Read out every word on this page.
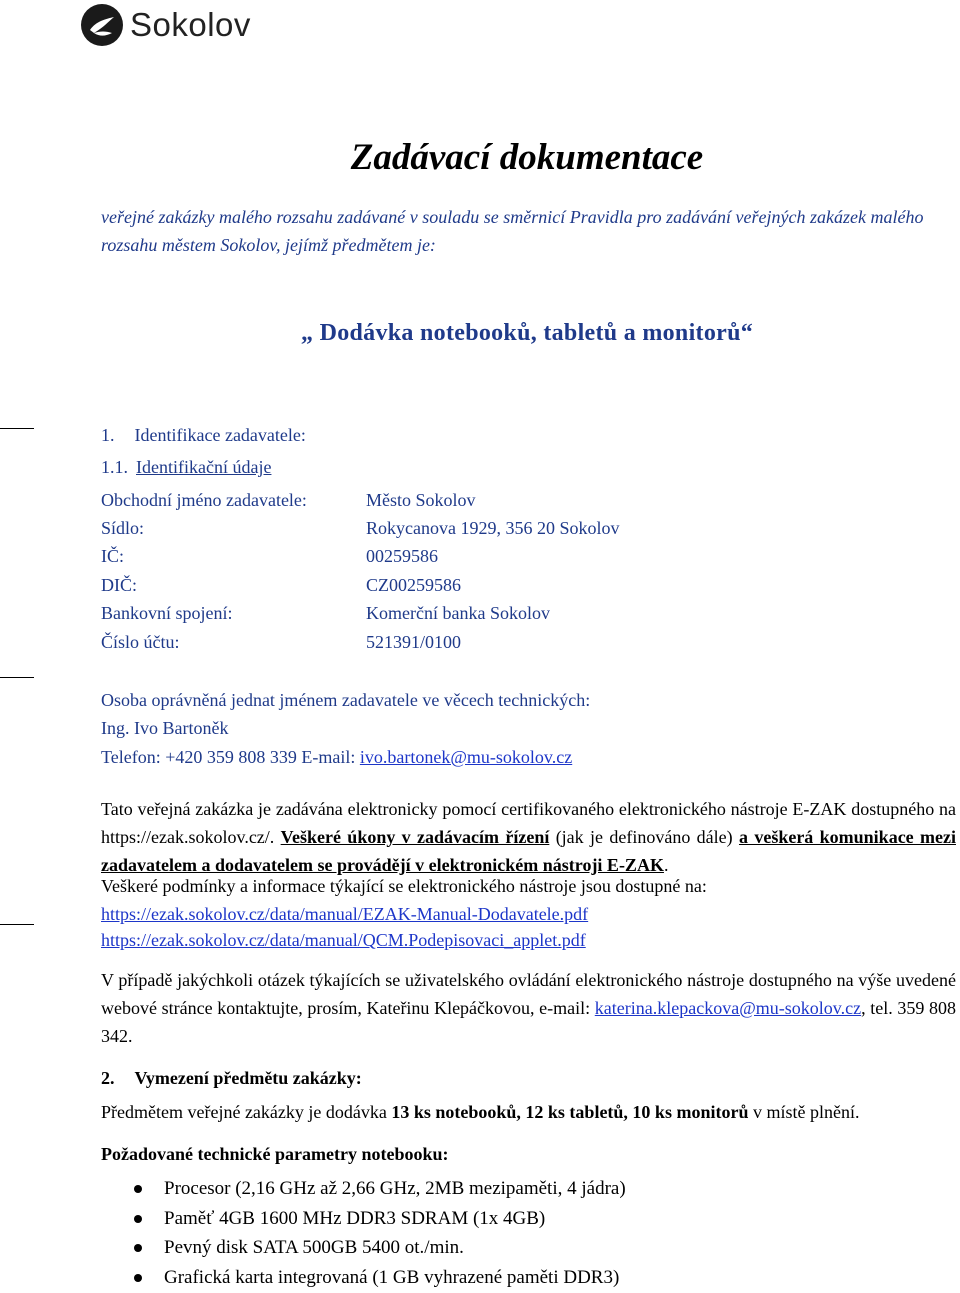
Sokolov
Zadávací dokumentace
veřejné zakázky malého rozsahu zadávané v souladu se směrnicí Pravidla pro zadávání veřejných zakázek malého rozsahu městem Sokolov, jejímž předmětem je:
„ Dodávka notebooků, tabletů a monitorů“
1. Identifikace zadavatele:
1.1. Identifikační údaje
Obchodní jméno zadavatele:	Město Sokolov
Sídlo:	Rokycanova 1929, 356 20 Sokolov
IČ:	00259586
DIČ:	CZ00259586
Bankovní spojení:	Komerční banka Sokolov
Číslo účtu:	521391/0100
Osoba oprávněná jednat jménem zadavatele ve věcech technických:
Ing. Ivo Bartoněk
Telefon: +420 359 808 339 E-mail: ivo.bartonek@mu-sokolov.cz
Tato veřejná zakázka je zadávána elektronicky pomocí certifikovaného elektronického nástroje E-ZAK dostupného na https://ezak.sokolov.cz/. Veškeré úkony v zadávacím řízení (jak je definováno dále) a veškerá komunikace mezi zadavatelem a dodavatelem se provádějí v elektronickém nástroji E-ZAK.
Veškeré podmínky a informace týkající se elektronického nástroje jsou dostupné na:
https://ezak.sokolov.cz/data/manual/EZAK-Manual-Dodavatele.pdf
https://ezak.sokolov.cz/data/manual/QCM.Podepisovaci_applet.pdf
V případě jakýchkoli otázek týkajících se uživatelského ovládání elektronického nástroje dostupného na výše uvedené webové stránce kontaktujte, prosím, Kateřinu Klepáčkovou, e-mail: katerina.klepackova@mu-sokolov.cz, tel. 359 808 342.
2. Vymezení předmětu zakázky:
Předmětem veřejné zakázky je dodávka 13 ks notebooků, 12 ks tabletů, 10 ks monitorů v místě plnění.
Požadované technické parametry notebooku:
Procesor (2,16 GHz až 2,66 GHz, 2MB mezipaměti, 4 jádra)
Paměť 4GB 1600 MHz DDR3 SDRAM (1x 4GB)
Pevný disk SATA 500GB 5400 ot./min.
Grafická karta integrovaná (1 GB vyhrazené paměti DDR3)
